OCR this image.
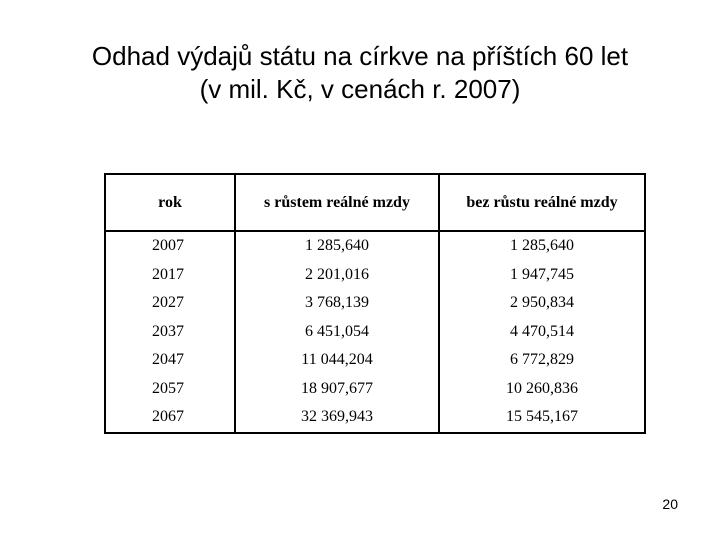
Odhad výdajů státu na církve na příštích 60 let
(v mil. Kč, v cenách r. 2007)
rok	s růstem reálné mzdy	bez růstu reálné mzdy
2007	1 285,640	1 285,640
2017	2 201,016	1 947,745
2027	3 768,139	2 950,834
2037	6 451,054	4 470,514
2047	11 044,204	6 772,829
2057	18 907,677	10 260,836
2067	32 369,943	15 545,167
20
